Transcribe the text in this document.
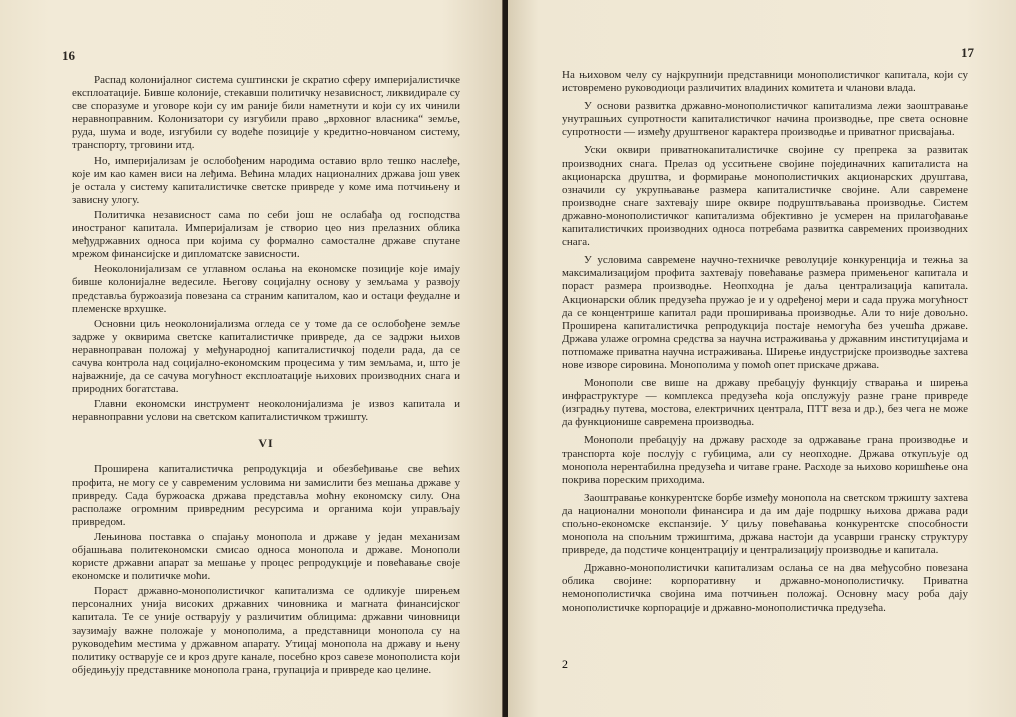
16

Распад колонијалног система суштински је скратио сферу империјалистичке експлоатације. Бивше колоније, стекавши политичку независност, ликвидирале су све споразуме и уговоре који су им раније били наметнути и који су их чинили неравноправним. Колонизатори су изгубили право „врховног власника“ земље, руда, шума и воде, изгубили су водеће позиције у кредитно-новчаном систему, транспорту, трговини итд.

Но, империјализам је ослобођеним народима оставио врло тешко наслеђе, које им као камен виси на леђима. Већина младих националних држава још увек је остала у систему капиталистичке светске привреде у коме има потчињену и зависну улогу.

Политичка независност сама по себи још не ослабађа од господства иностраног капитала. Империјализам је створио цео низ прелазних облика међудржавних односа при којима су формално самосталне државе спутане мрежом финансијске и дипломатске зависности.

Неоколонијализам се углавном ослања на економске позиције које имају бивше колонијалне ведесиле. Његову социјалну основу у земљама у развоју представља буржоазија повезана са страним капиталом, као и остаци феудалне и племенске врхушке.

Основни циљ неоколонијализма огледа се у томе да се ослобођене земље задрже у оквирима светске капиталистичке привреде, да се задржи њихов неравноправан положај у међународној капиталистичкој подели рада, да се сачува контрола над социјално-економским процесима у тим земљама, и, што је најважније, да се сачува могућност експлоатације њихових производних снага и природних богатстава.

Главни економски инструмент неоколонијализма је извоз капитала и неравноправни услови на светском капиталистичком тржишту.

VI

Проширена капиталистичка репродукција и обезбеђивање све већих профита, не могу се у савременим условима ни замислити без мешања државе у привреду. Сада буржоаска држава представља моћну економску силу. Она располаже огромним привредним ресурсима и органима који управљају привредом.

Лењинова поставка о спајању монопола и државе у један механизам објашњава политекономски смисао односа монопола и државе. Монополи користе државни апарат за мешање у процес репродукције и повећавање своје економске и политичке моћи.

Пораст државно-монополистичког капитализма се одликује ширењем персоналних унија високих државних чиновника и магната финансијског капитала. Те се уније остварују у различитим облицима: државни чиновници заузимају важне положаје у монополима, а представници монопола су на руководећим местима у државном апарату. Утицај монопола на државу и њену политику остварује се и кроз друге канале, посебно кроз савезе монополиста који обједињују представнике монопола грана, групација и привреде као целине.

17

На њиховом челу су најкрупнији представници монополистичког капитала, који су истовремено руководиоци различитих владиних комитета и чланови влада.

У основи развитка државно-монополистичког капитализма лежи заоштравање унутрашњих супротности капиталистичког начина производње, пре света основне супротности — између друштвеног карактера производње и приватног присвајања.

Уски оквири приватнокапиталистичке својине су препрека за развитак производних снага. Прелаз од усситњене својине појединачних капиталиста на акционарска друштва, и формирање монополистичких акционарских друштава, означили су укрупњавање размера капиталистичке својине. Али савремене производне снаге захтевају шире оквире подруштвљавања производње. Систем државно-монополистичког капитализма објективно је усмерен на прилагођавање капиталистичких производних односа потребама развитка савремених производних снага.

У условима савремене научно-техничке револуције конкуренција и тежња за максимализацијом профита захтевају повећавање размера примењеног капитала и пораст размера производње. Неопходна је даља централизација капитала. Акционарски облик предузећа пружао је и у одређеној мери и сада пружа могућност да се концентрише капитал ради проширивања производње. Али то није довољно. Проширена капиталистичка репродукција постаје немогућа без учешћа државе. Држава улаже огромна средства за научна истраживања у државним институцијама и потпомаже приватна научна истраживања. Ширење индустријске производње захтева нове изворе сировина. Монополима у помоћ опет прискаче држава.

Монополи све више на државу пребацују функцију стварања и ширења инфраструктуре — комплекса предузећа која опслужују разне гране привреде (изградњу путева, мостова, електричних централа, ПТТ веза и др.), без чега не може да функционише савремена производња.

Монополи пребацују на државу расходе за одржавање грана производње и транспорта које послују с губицима, али су неопходне. Држава откупљује од монопола нерентабилна предузећа и читаве гране. Расходе за њихово коришћење она покрива пореским приходима.

Заоштравање конкурентске борбе између монопола на светском тржишту захтева да национални монополи финансира и да им даје подршку њихова држава ради спољно-економске експанзије. У циљу повећавања конкурентске способности монопола на спољним тржиштима, држава настоји да усаврши гранску структуру привреде, да подстиче концентрацију и централизацију производње и капитала.

Државно-монополистички капитализам ослања се на два међусобно повезана облика својине: корпоративну и државно-монополистичку. Приватна немонополистичка својина има потчињен положај. Основну масу роба дају монополистичке корпорације и државно-монополистичка предузећа.

2
